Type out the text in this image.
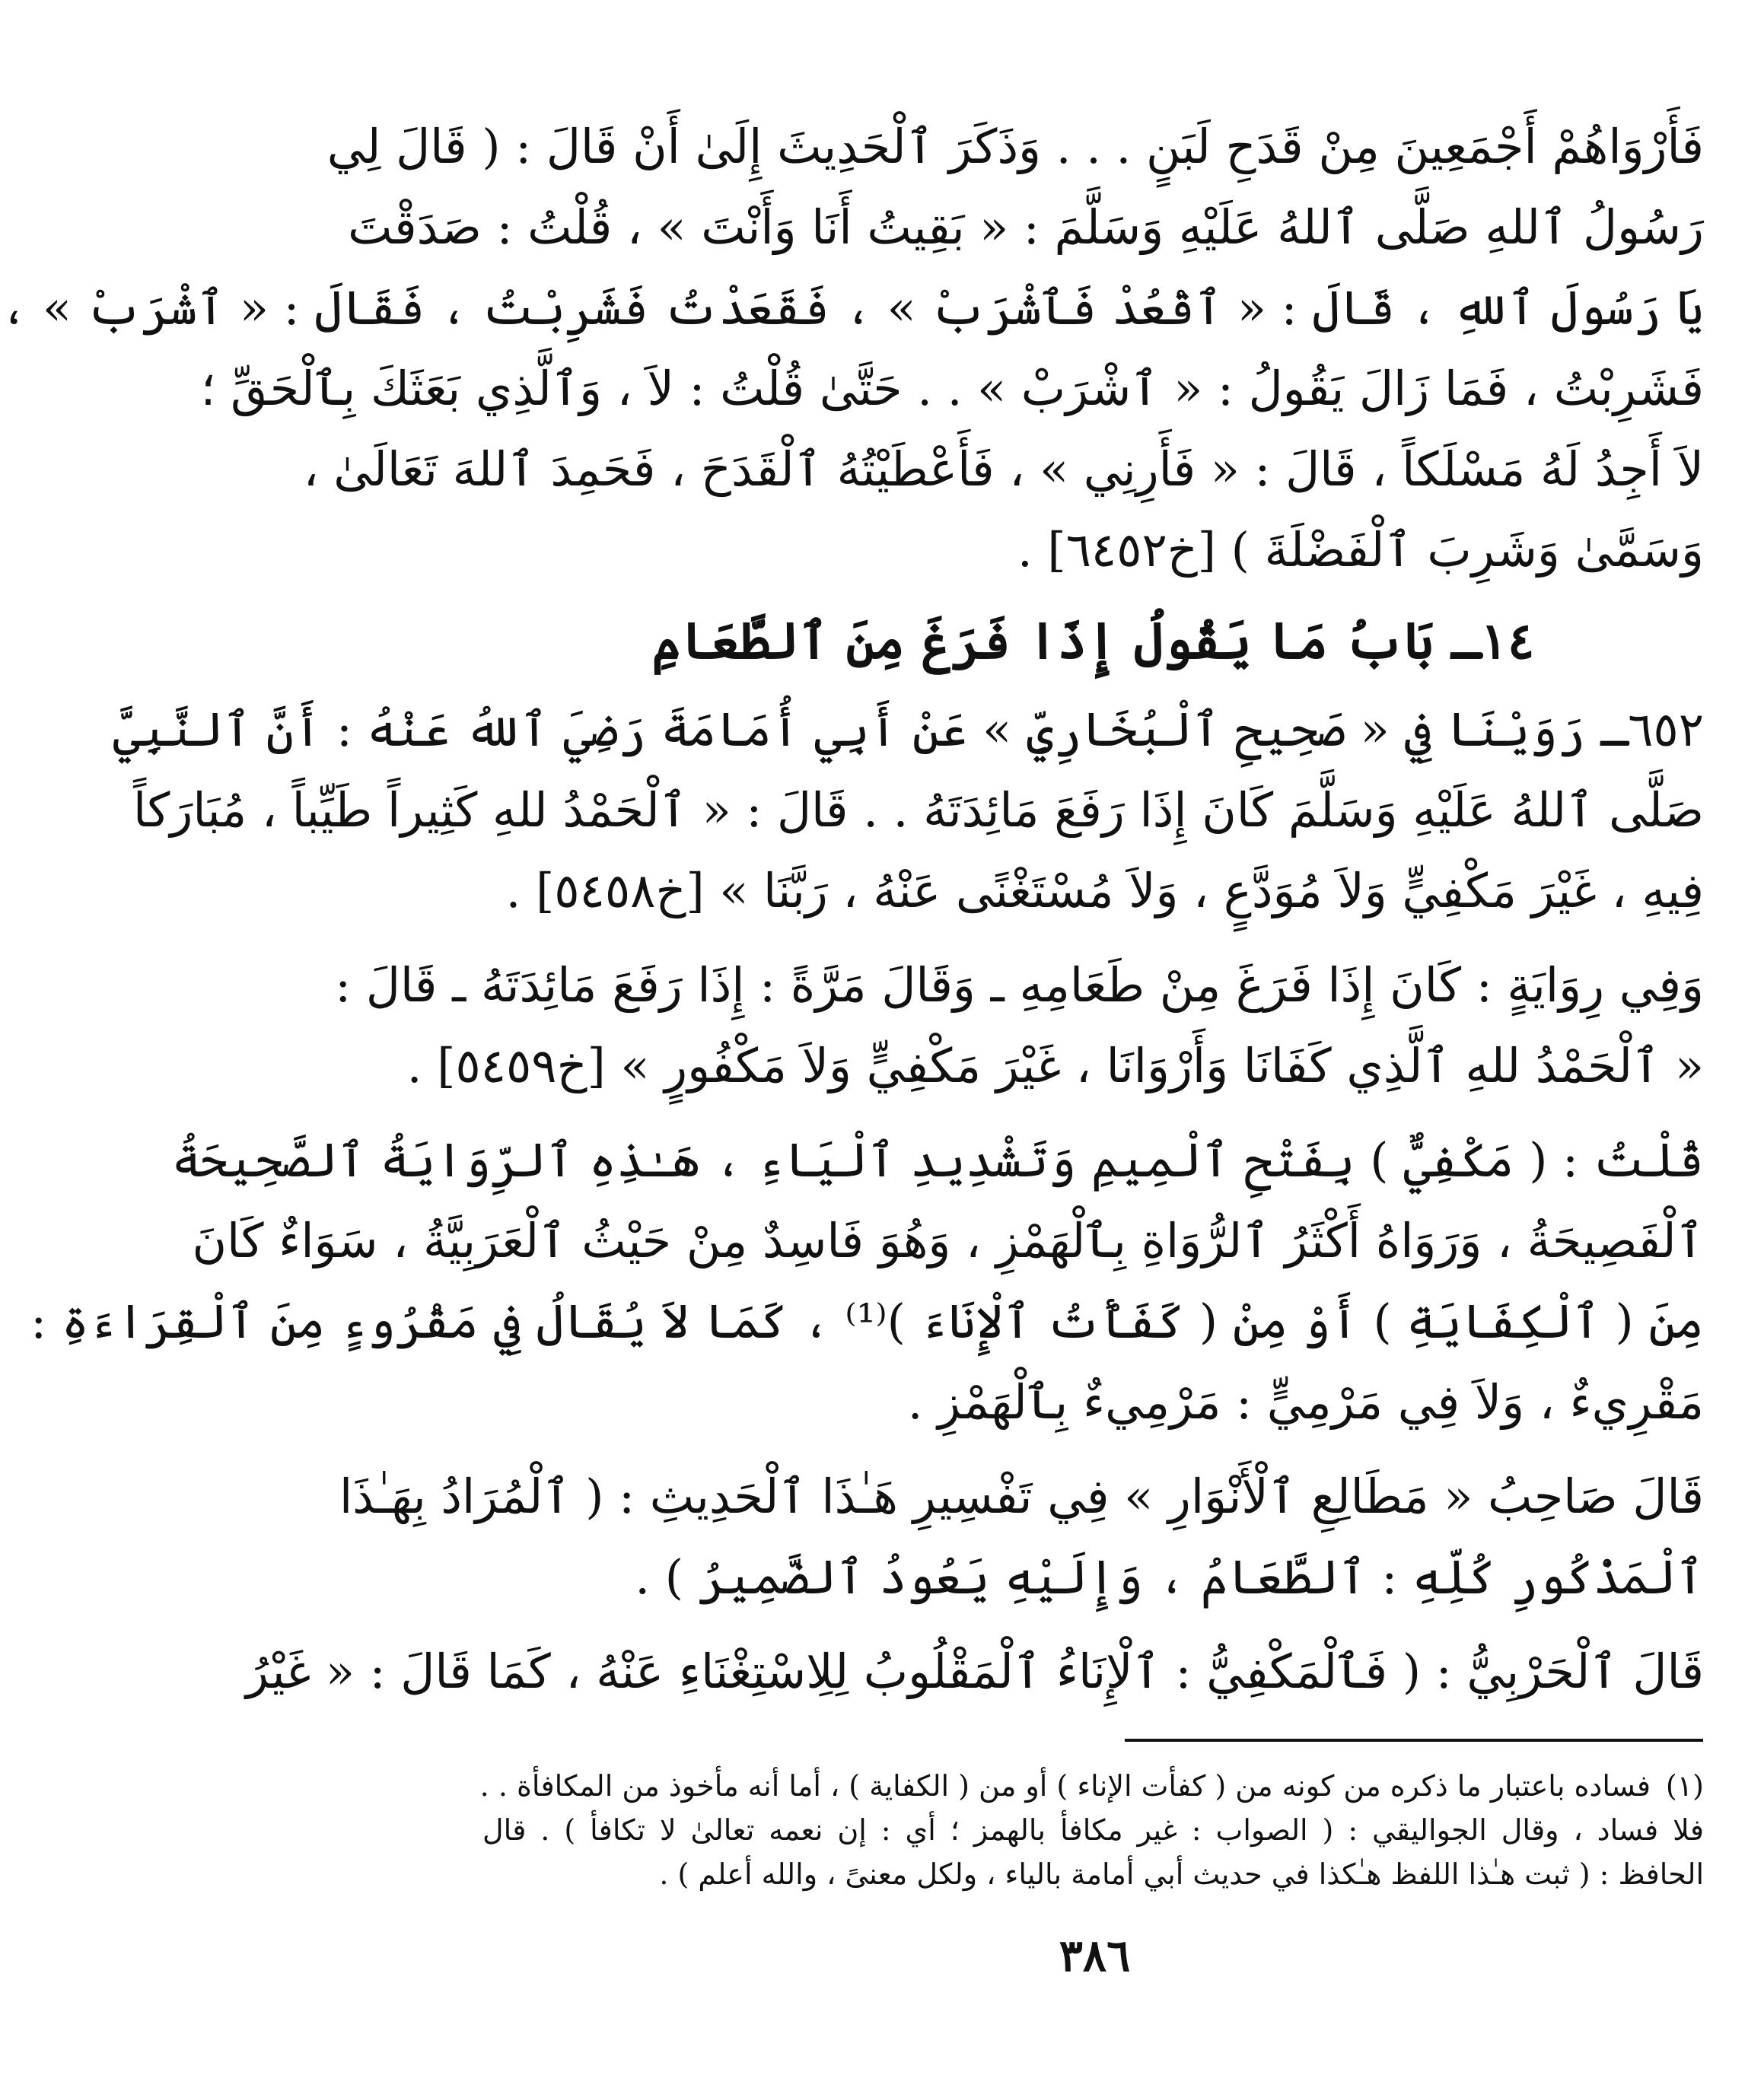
فَأَرْوَاهُمْ أَجْمَعِينَ مِنْ قَدَحِ لَبَنٍ . . . وَذَكَرَ ٱلْحَدِيثَ إِلَىٰ أَنْ قَالَ : ( قَالَ لِي
رَسُولُ ٱللهِ صَلَّى ٱللهُ عَلَيْهِ وَسَلَّمَ : « بَقِيتُ أَنَا وَأَنْتَ » ، قُلْتُ : صَدَقْتَ
يَا رَسُولَ ٱللهِ ، قَالَ : « ٱقْعُدْ فَٱشْرَبْ » ، فَقَعَدْتُ فَشَرِبْتُ ، فَقَالَ : « ٱشْرَبْ » ،
فَشَرِبْتُ ، فَمَا زَالَ يَقُولُ : « ٱشْرَبْ » . . حَتَّىٰ قُلْتُ : لاَ ، وَٱلَّذِي بَعَثَكَ بِٱلْحَقِّ ؛
لاَ أَجِدُ لَهُ مَسْلَكاً ، قَالَ : « فَأَرِنِي » ، فَأَعْطَيْتُهُ ٱلْقَدَحَ ، فَحَمِدَ ٱللهَ تَعَالَىٰ ،
وَسَمَّىٰ وَشَرِبَ ٱلْفَضْلَةَ ) [خ٦٤٥٢] .
١٤ـ بَابُ مَا يَقُولُ إِذَا فَرَغَ مِنَ ٱلطَّعَامِ
٦٥٢ـ رَوَيْنَا فِي « صَحِيحِ ٱلْبُخَارِيِّ » عَنْ أَبِي أُمَامَةَ رَضِيَ ٱللهُ عَنْهُ : أَنَّ ٱلنَّبِيَّ
صَلَّى ٱللهُ عَلَيْهِ وَسَلَّمَ كَانَ إِذَا رَفَعَ مَائِدَتَهُ . . قَالَ : « ٱلْحَمْدُ للهِ كَثِيراً طَيِّباً ، مُبَارَكاً
فِيهِ ، غَيْرَ مَكْفِيٍّ وَلاَ مُوَدَّعٍ ، وَلاَ مُسْتَغْنًى عَنْهُ ، رَبَّنَا » [خ٥٤٥٨] .
وَفِي رِوَايَةٍ : كَانَ إِذَا فَرَغَ مِنْ طَعَامِهِ ـ وَقَالَ مَرَّةً : إِذَا رَفَعَ مَائِدَتَهُ ـ قَالَ :
« ٱلْحَمْدُ للهِ ٱلَّذِي كَفَانَا وَأَرْوَانَا ، غَيْرَ مَكْفِيٍّ وَلاَ مَكْفُورٍ » [خ٥٤٥٩] .
قُلْتُ : ( مَكْفِيٌّ ) بِفَتْحِ ٱلْمِيمِ وَتَشْدِيدِ ٱلْيَاءِ ، هَـٰذِهِ ٱلرِّوَايَةُ ٱلصَّحِيحَةُ
ٱلْفَصِيحَةُ ، وَرَوَاهُ أَكْثَرُ ٱلرُّوَاةِ بِٱلْهَمْزِ ، وَهُوَ فَاسِدٌ مِنْ حَيْثُ ٱلْعَرَبِيَّةُ ، سَوَاءٌ كَانَ
مِنَ ( ٱلْكِفَايَةِ ) أَوْ مِنْ ( كَفَأْتُ ٱلْإِنَاءَ )⁽¹⁾ ، كَمَا لاَ يُقَالُ فِي مَقْرُوءٍ مِنَ ٱلْقِرَاءَةِ :
مَقْرِيءٌ ، وَلاَ فِي مَرْمِيٍّ : مَرْمِيءٌ بِٱلْهَمْزِ .
قَالَ صَاحِبُ « مَطَالِعِ ٱلْأَنْوَارِ » فِي تَفْسِيرِ هَـٰذَا ٱلْحَدِيثِ : ( ٱلْمُرَادُ بِهَـٰذَا
ٱلْمَذْكُورِ كُلِّهِ : ٱلطَّعَامُ ، وَإِلَيْهِ يَعُودُ ٱلضَّمِيرُ ) .
قَالَ ٱلْحَرْبِيُّ : ( فَٱلْمَكْفِيُّ : ٱلْإِنَاءُ ٱلْمَقْلُوبُ لِلِاسْتِغْنَاءِ عَنْهُ ، كَمَا قَالَ : « غَيْرُ
(١)فساده باعتبار ما ذكره من كونه من ( كفأت الإناء ) أو من ( الكفاية ) ، أما أنه مأخوذ من المكافأة . .
فلا فساد ، وقال الجواليقي : ( الصواب : غير مكافأ بالهمز ؛ أي : إن نعمه تعالىٰ لا تكافأ ) . قال
الحافظ : ( ثبت هـٰذا اللفظ هـٰكذا في حديث أبي أمامة بالياء ، ولكل معنىً ، والله أعلم ) .
٣٨٦
